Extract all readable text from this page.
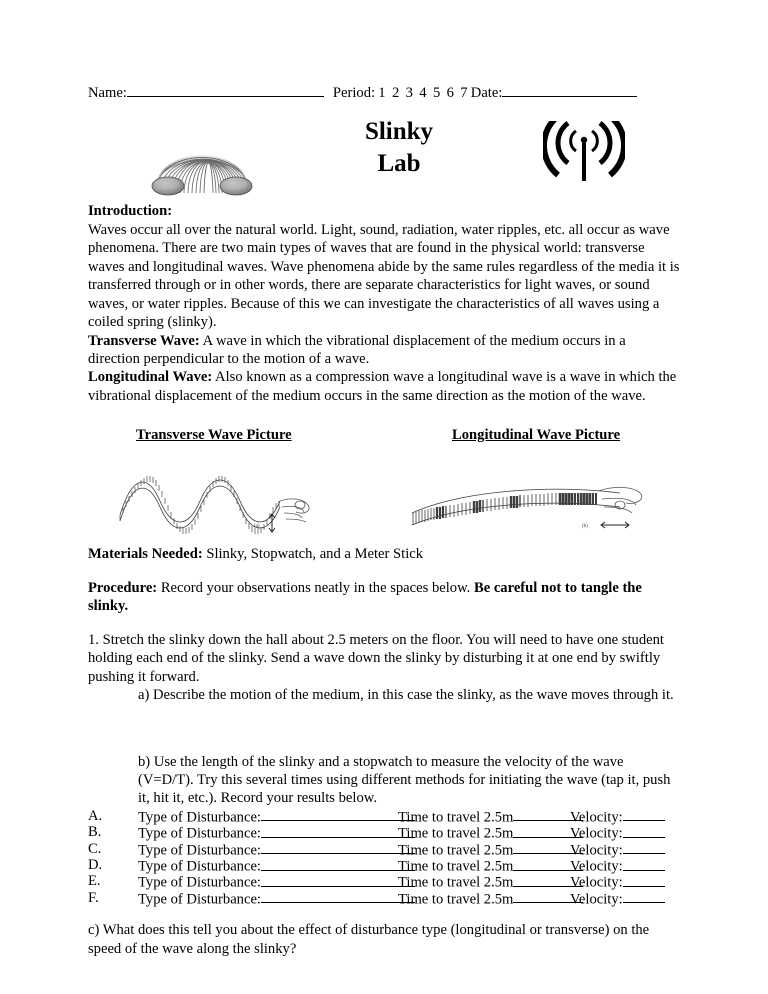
Name:	Period: 1 2 3 4 5 6 7 Date:
Slinky
Lab
Introduction:
Waves occur all over the natural world. Light, sound, radiation, water ripples, etc. all occur as wave phenomena. There are two main types of waves that are found in the physical world: transverse waves and longitudinal waves. Wave phenomena abide by the same rules regardless of the media it is transferred through or in other words, there are separate characteristics for light waves, or sound waves, or water ripples. Because of this we can investigate the characteristics of all waves using a coiled spring (slinky).
Transverse Wave: A wave in which the vibrational displacement of the medium occurs in a direction perpendicular to the motion of a wave.
Longitudinal Wave: Also known as a compression wave a longitudinal wave is a wave in which the vibrational displacement of the medium occurs in the same direction as the motion of the wave.
Transverse Wave Picture	Longitudinal Wave Picture
(a)	(b)
Materials Needed: Slinky, Stopwatch, and a Meter Stick
Procedure: Record your observations neatly in the spaces below. Be careful not to tangle the slinky.
1. Stretch the slinky down the hall about 2.5 meters on the floor. You will need to have one student holding each end of the slinky. Send a wave down the slinky by disturbing it at one end by swiftly pushing it forward.
a) Describe the motion of the medium, in this case the slinky, as the wave moves through it.
b) Use the length of the slinky and a stopwatch to measure the velocity of the wave (V=D/T). Try this several times using different methods for initiating the wave (tap it, push it, hit it, etc.). Record your results below.
A. Type of Disturbance:	Time to travel 2.5m	Velocity:
B.	Type of Disturbance:	Time to travel 2.5m	Velocity:
C.	Type of Disturbance:	Time to travel 2.5m	Velocity:
D. Type of Disturbance:	Time to travel 2.5m	Velocity:
E.	Type of Disturbance:	Time to travel 2.5m	Velocity:
F.	Type of Disturbance:	Time to travel 2.5m	Velocity:
c) What does this tell you about the effect of disturbance type (longitudinal or transverse) on the speed of the wave along the slinky?
